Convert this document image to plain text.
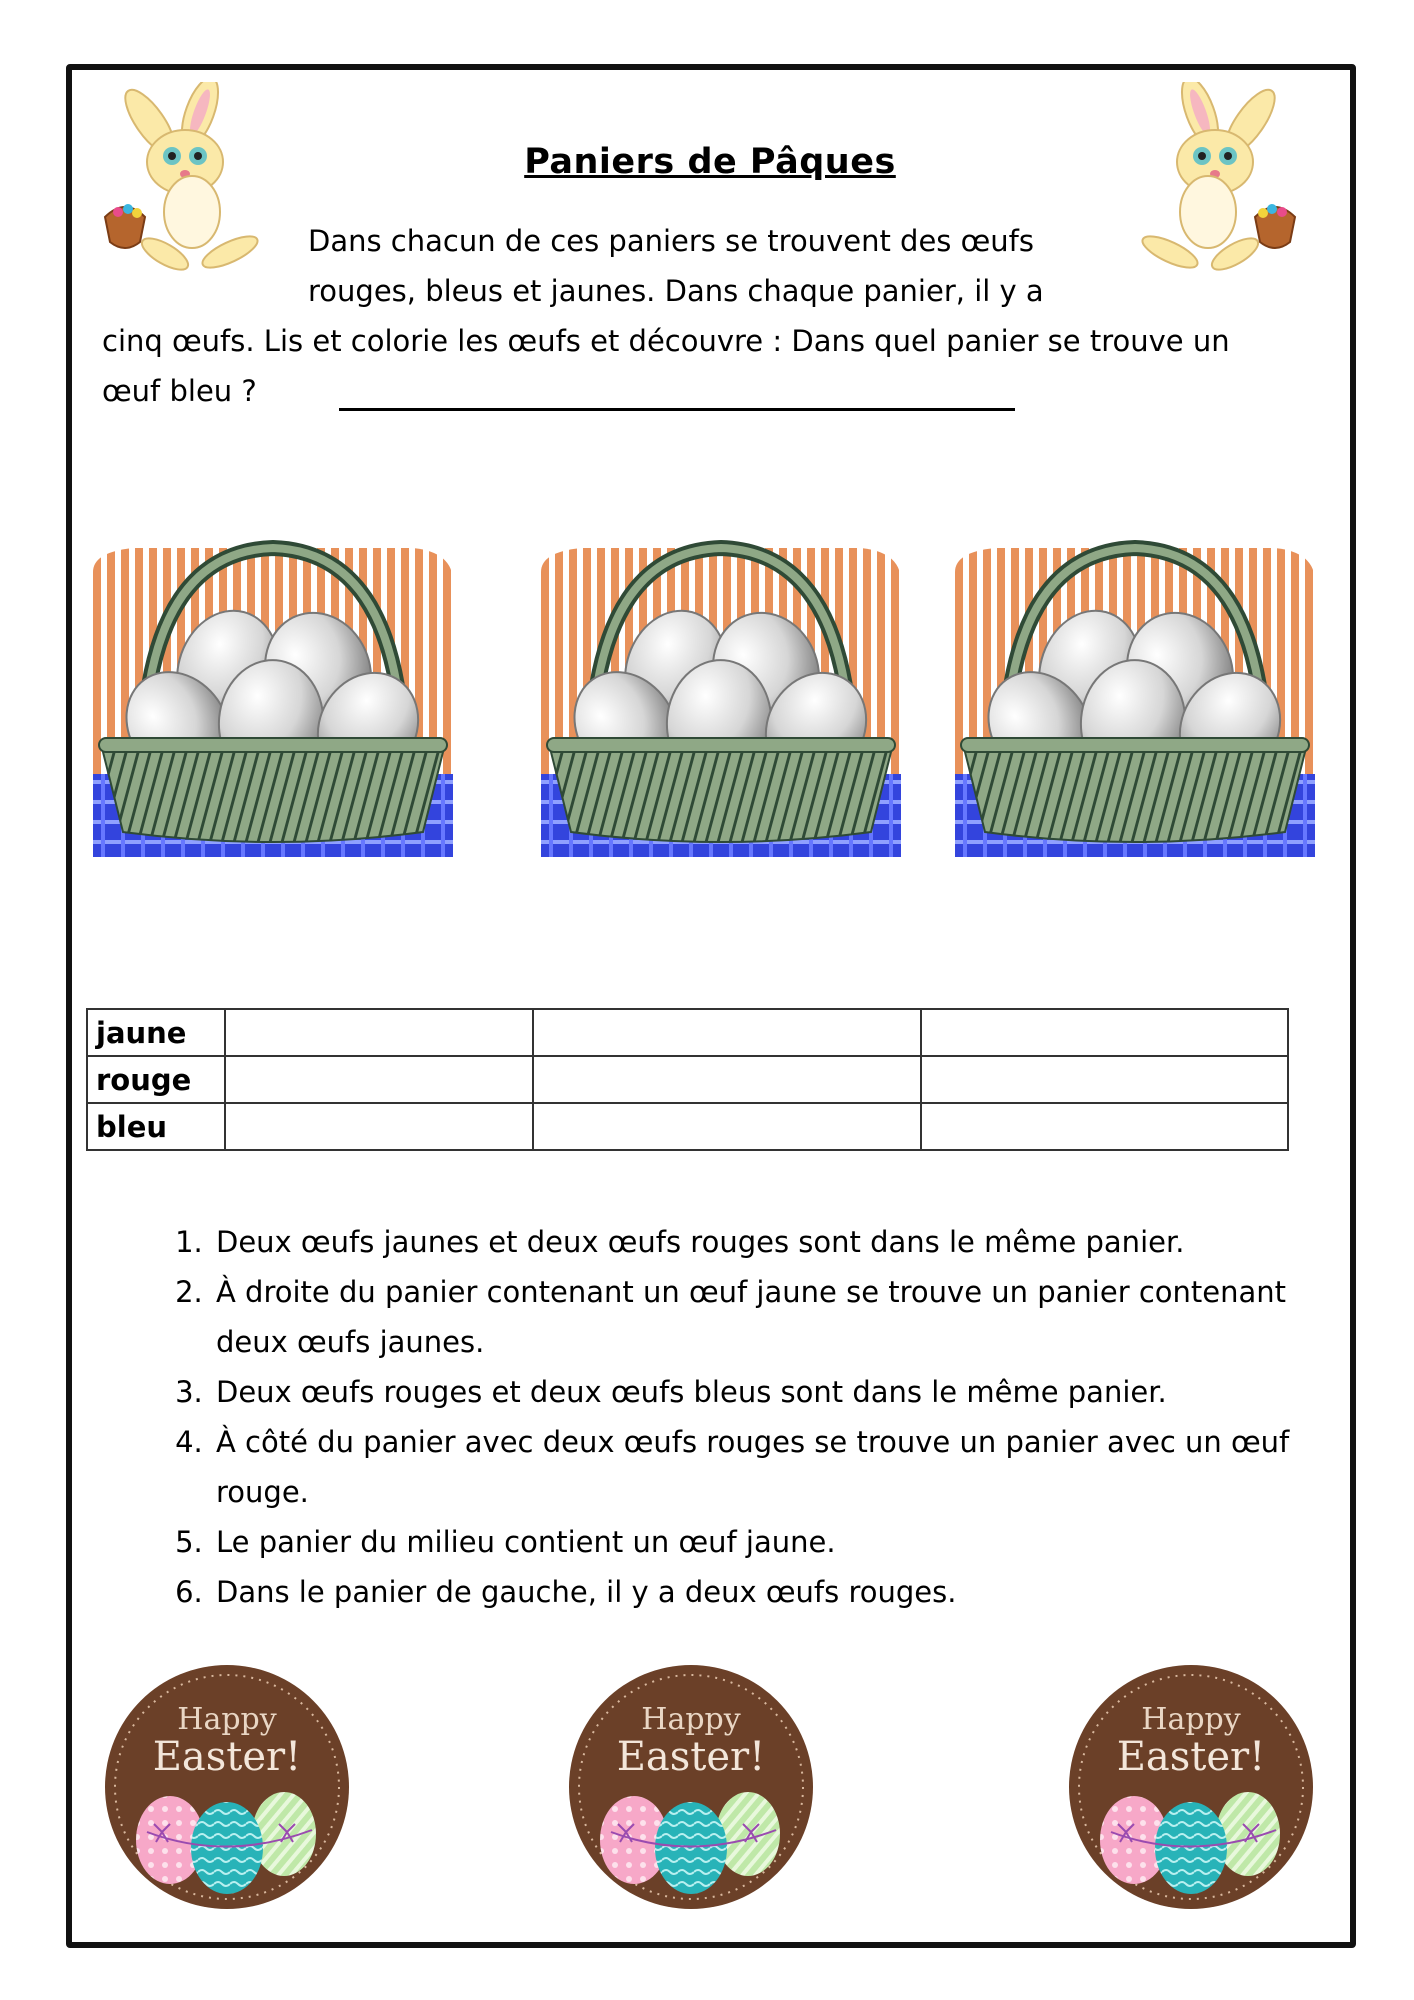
Paniers de Pâques
Dans chacun de ces paniers se trouvent des œufs
rouges, bleus et jaunes. Dans chaque panier, il y a
cinq œufs. Lis et colorie les œufs et découvre : Dans quel panier se trouve un
œuf bleu ?
jaune			
rouge			
bleu			
1. Deux œufs jaunes et deux œufs rouges sont dans le même panier.
2. À droite du panier contenant un œuf jaune se trouve un panier contenant deux œufs jaunes.
3. Deux œufs rouges et deux œufs bleus sont dans le même panier.
4. À côté du panier avec deux œufs rouges se trouve un panier avec un œuf rouge.
5. Le panier du milieu contient un œuf jaune.
6. Dans le panier de gauche, il y a deux œufs rouges.
Happy
Easter!
Happy
Easter!
Happy
Easter!
